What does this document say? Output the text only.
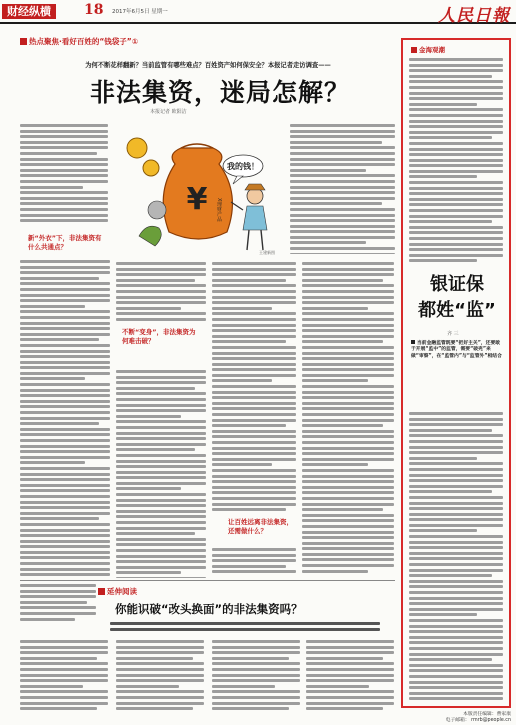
财经纵横	18 2017年6月5日 星期一	人民日報
热点聚焦·看好百姓的“钱袋子”①
为何不断花样翻新？当前监管有哪些难点？百姓资产如何保安全？本报记者走访调查——
非法集资，迷局怎解？
本报记者 欧阳洁
新“外衣”下，非法集资有什么共通点？
¥ X理财产品
我的钱！
王建新图
不断“变身”，非法集资为何难击破？
让百姓远离非法集资，还需做什么？
延伸阅读
你能识破“改头换面”的非法集资吗？
金海观潮
银证保
都姓“监”
齐 三
当前金融监管既要“把好主关”，还要敢于开展“监中”的监管，需要“破壳”来做“审察”，在“监管内”与“监管外”相结合
本版责任编辑：曹家康
电子邮箱： rmrb@people.cn
